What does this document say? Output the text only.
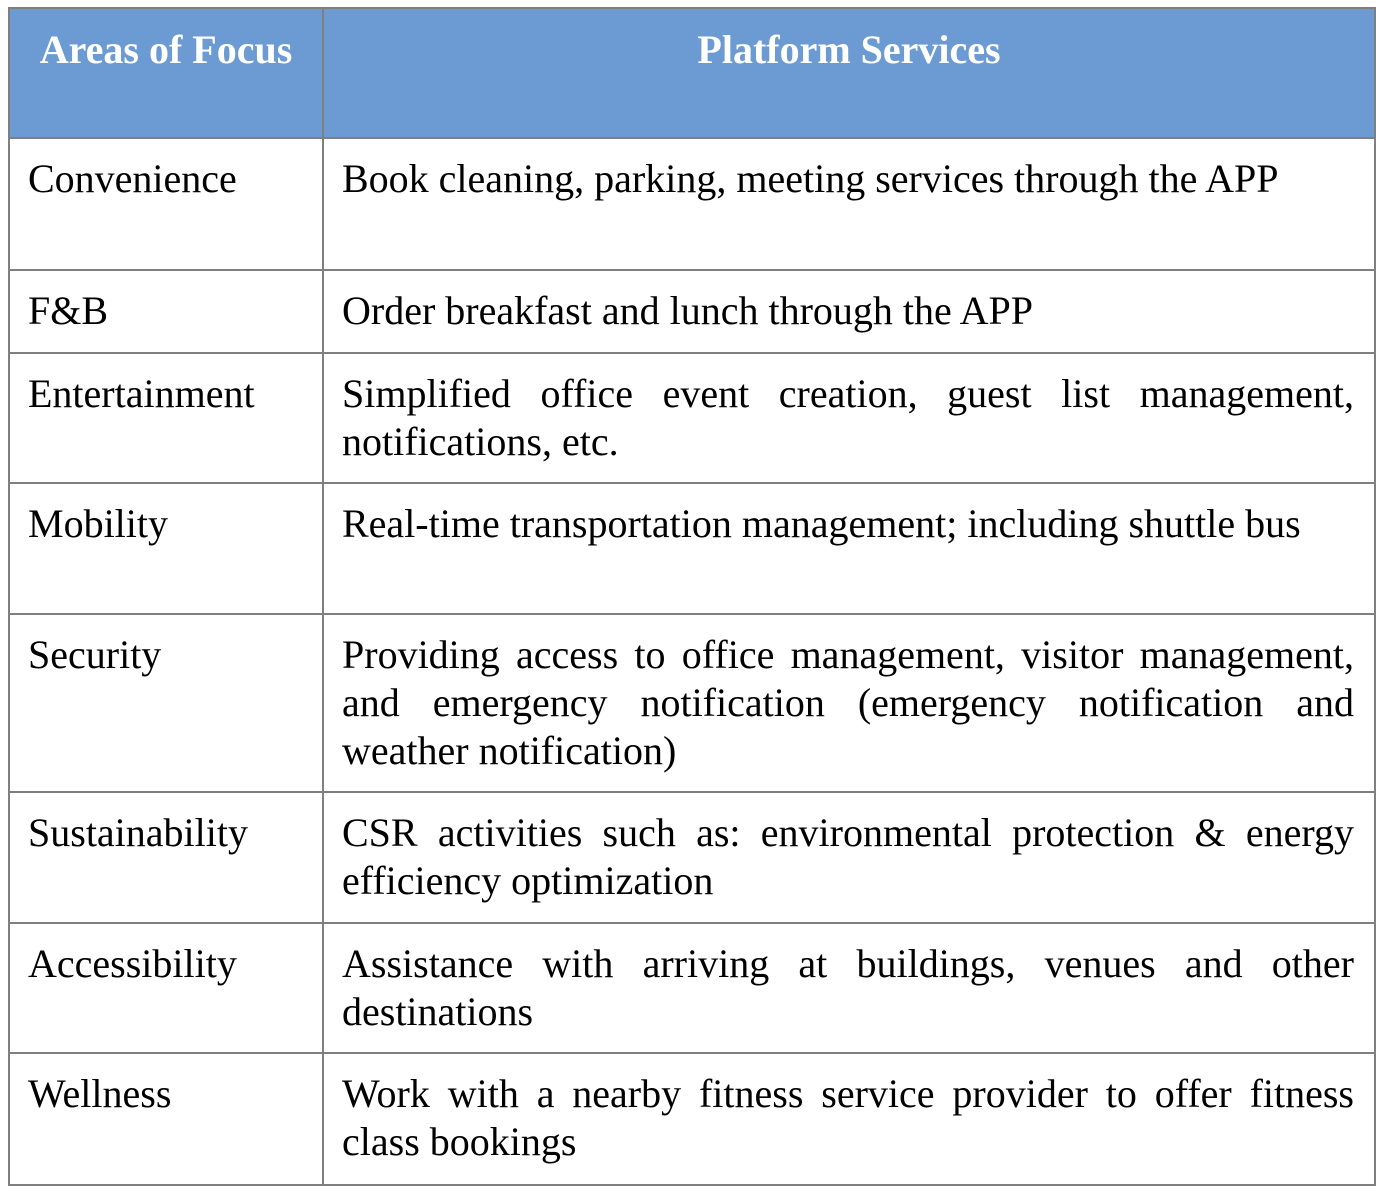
Areas of Focus	Platform Services
Convenience	Book cleaning, parking, meeting services through the APP
F&B	Order breakfast and lunch through the APP
Entertainment	Simplified office event creation, guest list management, notifications, etc.
Mobility	Real-time transportation management; including shuttle bus
Security	Providing access to office management, visitor management, and emergency notification (emergency notification and weather notification)
Sustainability	CSR activities such as: environmental protection & energy efficiency optimization
Accessibility	Assistance with arriving at buildings, venues and other destinations
Wellness	Work with a nearby fitness service provider to offer fitness class bookings
